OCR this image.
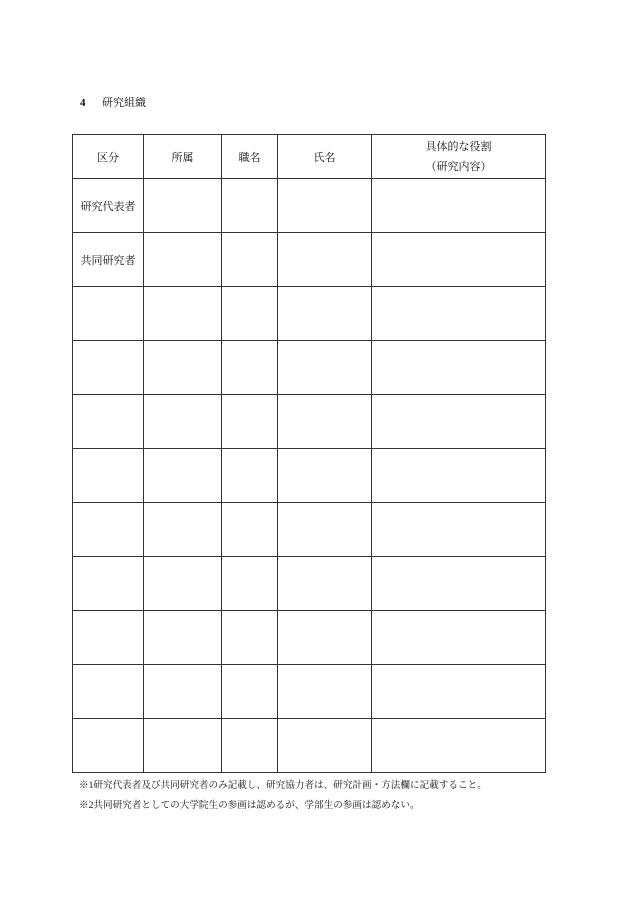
4 研究組織
区分	所属	職名	氏名	具体的な役割
（研究内容）

研究代表者				
共同研究者				

※1研究代表者及び共同研究者のみ記載し、研究協力者は、研究計画・方法欄に記載すること。
※2共同研究者としての大学院生の参画は認めるが、学部生の参画は認めない。
